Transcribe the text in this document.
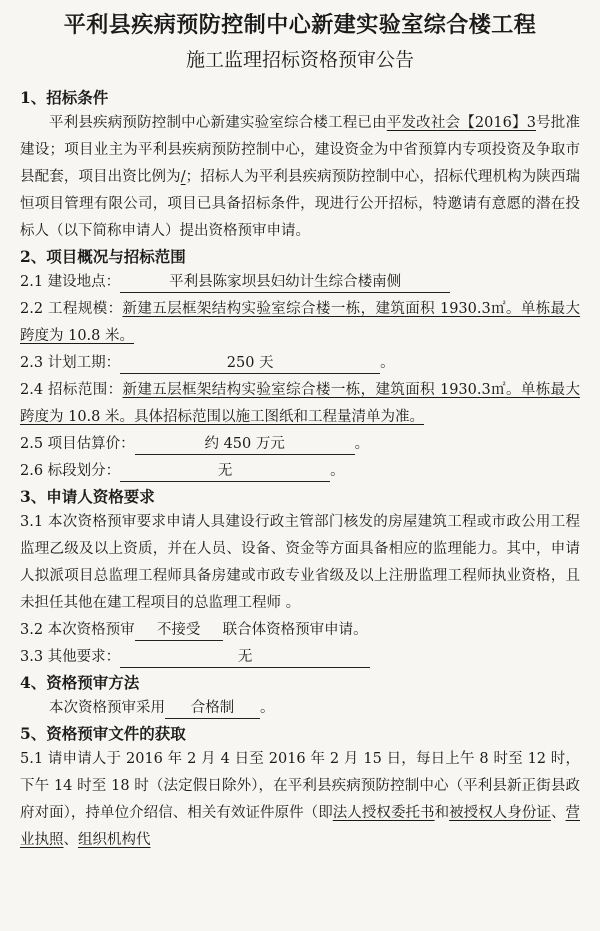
平利县疾病预防控制中心新建实验室综合楼工程
施工监理招标资格预审公告
1、招标条件

平利县疾病预防控制中心新建实验室综合楼工程已由平发改社会【2016】3号批准建设；项目业主为平利县疾病预防控制中心，建设资金为中省预算内专项投资及争取市县配套，项目出资比例为/；招标人为平利县疾病预防控制中心，招标代理机构为陕西瑞恒项目管理有限公司，项目已具备招标条件，现进行公开招标，特邀请有意愿的潜在投标人（以下简称申请人）提出资格预审申请。

2、项目概况与招标范围
2.1 建设地点：	平利县陈家坝县妇幼计生综合楼南侧

2.2 工程规模：新建五层框架结构实验室综合楼一栋，建筑面积 1930.3㎡。单栋最大跨度为 10.8 米。

2.3 计划工期：	250 天	。

2.4 招标范围：新建五层框架结构实验室综合楼一栋，建筑面积 1930.3㎡。单栋最大跨度为 10.8 米。具体招标范围以施工图纸和工程量清单为准。

2.5 项目估算价：	约 450 万元	。
2.6 标段划分：	无	。
3、申请人资格要求

3.1 本次资格预审要求申请人具建设行政主管部门核发的房屋建筑工程或市政公用工程监理乙级及以上资质，并在人员、设备、资金等方面具备相应的监理能力。其中，申请人拟派项目总监理工程师具备房建或市政专业省级及以上注册监理工程师执业资格，且未担任其他在建工程项目的总监理工程师 。

3.2 本次资格预审 不接受 联合体资格预审申请。
3.3 其他要求：	无
4、资格预审方法
本次资格预审采用 合格制 。
5、资格预审文件的获取

5.1 请申请人于 2016 年 2 月 4 日至 2016 年 2 月 15 日，每日上午 8 时至 12 时，下午 14 时至 18 时（法定假日除外），在平利县疾病预防控制中心（平利县新正街县政府对面），持单位介绍信、相关有效证件原件（即法人授权委托书和被授权人身份证、营业执照、组织机构代
